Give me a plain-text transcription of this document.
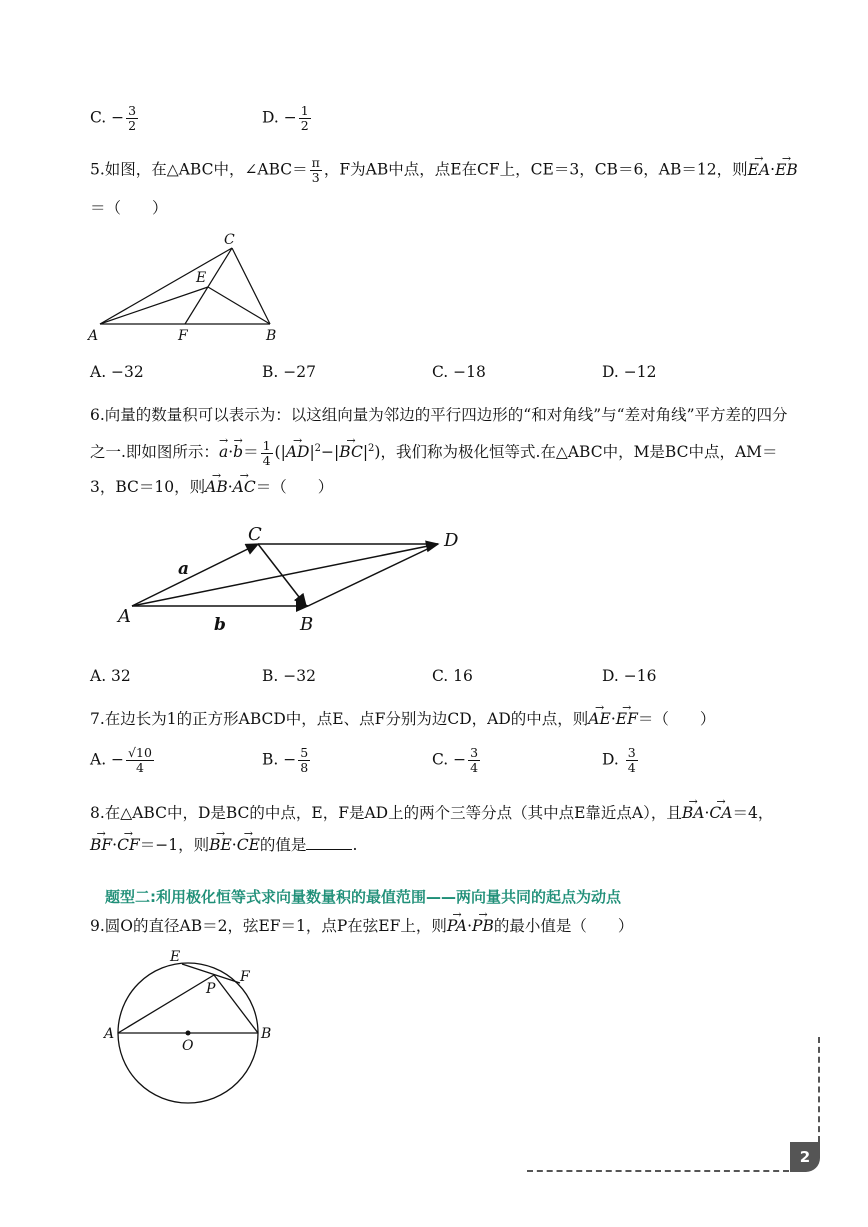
C. − $\frac{3}{2}$	D. − $\frac{1}{2}$
5.如图，在△ABC中，∠ABC＝ $\frac{\pi}{3}$ ，F为AB中点，点E在CF上，CE＝3，CB＝6，AB＝12，则→ EA·→ EB
＝（　　）
A	B
C
E
F
A. −32	B. −27	C. −18	D. −12
6.向量的数量积可以表示为：以这组向量为邻边的平行四边形的“和对角线”与“差对角线”平方差的四分
之一.即如图所示：→ $a\cdot\to b= \frac{1}{4}$ (|→ $AD|^2-|\to BC|^2$)，我们称为极化恒等式.在△ABC中，M是BC中点，AM＝
3，BC＝10，则→ AB·→ AC＝（　　）
A	B
C	D
a
b
A. 32	B. −32	C. 16	D. −16
7.在边长为1的正方形ABCD中，点E、点F分别为边CD，AD的中点，则→ AE·→ EF＝（　　）
A. − $\frac{√10}{4}$	B. − $\frac{5}{8}$	C. − $\frac{3}{4}$	D. $\frac{3}{4}$
8.在△ABC中，D是BC的中点，E，F是AD上的两个三等分点（其中点E靠近点A），且→ BA·→ CA＝4，
→ BF·→ CF＝−1，则→ BE·→ CE的值是	.
题型二:利用极化恒等式求向量数量积的最值范围——两向量共同的起点为动点
9.圆O的直径AB＝2，弦EF＝1，点P在弦EF上，则→ PA·→ PB的最小值是（　　）
A	B
E
F
O
P
2
